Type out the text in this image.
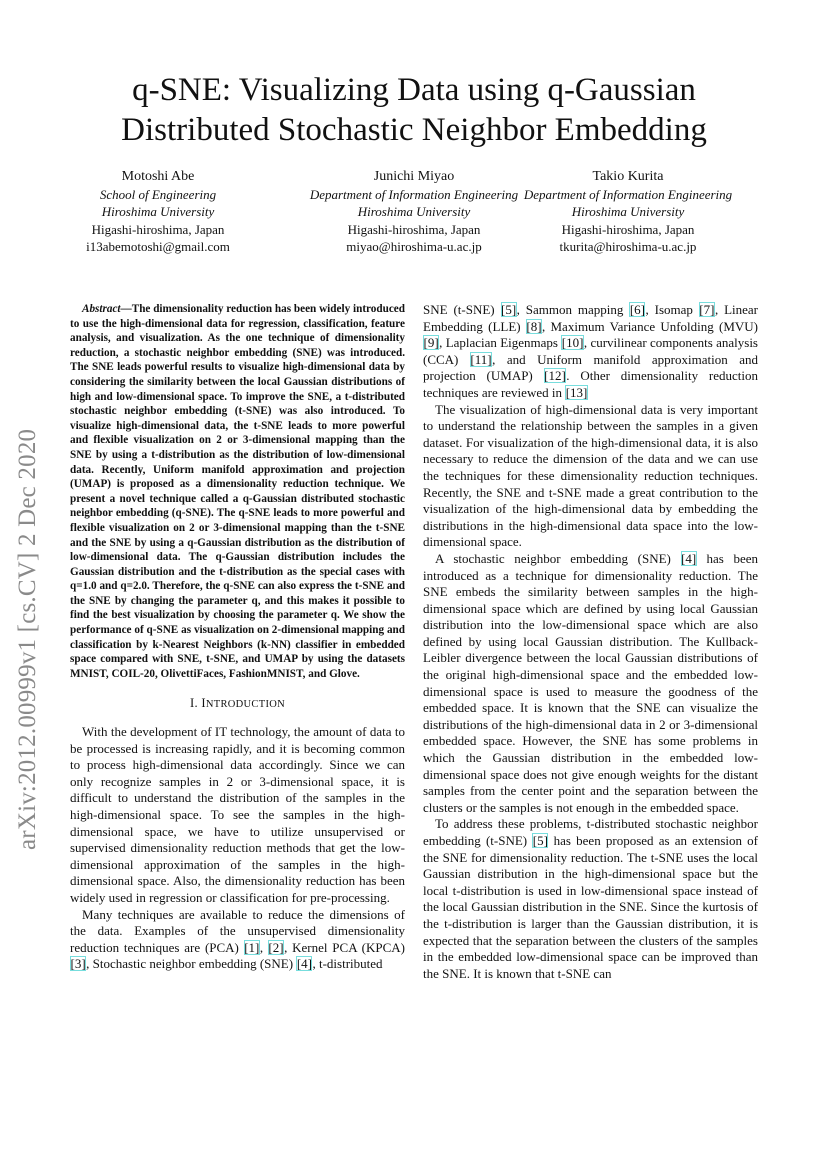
arXiv:2012.00999v1 [cs.CV] 2 Dec 2020
q-SNE: Visualizing Data using q-Gaussian
Distributed Stochastic Neighbor Embedding
Motoshi Abe
School of Engineering
Hiroshima University
Higashi-hiroshima, Japan
i13abemotoshi@gmail.com
Junichi Miyao
Department of Information Engineering
Hiroshima University
Higashi-hiroshima, Japan
miyao@hiroshima-u.ac.jp
Takio Kurita
Department of Information Engineering
Hiroshima University
Higashi-hiroshima, Japan
tkurita@hiroshima-u.ac.jp

Abstract—The dimensionality reduction has been widely introduced to use the high-dimensional data for regression, classification, feature analysis, and visualization. As the one technique of dimensionality reduction, a stochastic neighbor embedding (SNE) was introduced. The SNE leads powerful results to visualize high-dimensional data by considering the similarity between the local Gaussian distributions of high and low-dimensional space. To improve the SNE, a t-distributed stochastic neighbor embedding (t-SNE) was also introduced. To visualize high-dimensional data, the t-SNE leads to more powerful and flexible visualization on 2 or 3-dimensional mapping than the SNE by using a t-distribution as the distribution of low-dimensional data. Recently, Uniform manifold approximation and projection (UMAP) is proposed as a dimensionality reduction technique. We present a novel technique called a q-Gaussian distributed stochastic neighbor embedding (q-SNE). The q-SNE leads to more powerful and flexible visualization on 2 or 3-dimensional mapping than the t-SNE and the SNE by using a q-Gaussian distribution as the distribution of low-dimensional data. The q-Gaussian distribution includes the Gaussian distribution and the t-distribution as the special cases with q=1.0 and q=2.0. Therefore, the q-SNE can also express the t-SNE and the SNE by changing the parameter q, and this makes it possible to find the best visualization by choosing the parameter q. We show the performance of q-SNE as visualization on 2-dimensional mapping and classification by k-Nearest Neighbors (k-NN) classifier in embedded space compared with SNE, t-SNE, and UMAP by using the datasets MNIST, COIL-20, OlivettiFaces, FashionMNIST, and Glove.

I. INTRODUCTION

With the development of IT technology, the amount of data to be processed is increasing rapidly, and it is becoming common to process high-dimensional data accordingly. Since we can only recognize samples in 2 or 3-dimensional space, it is difficult to understand the distribution of the samples in the high-dimensional space. To see the samples in the high-dimensional space, we have to utilize unsupervised or supervised dimensionality reduction methods that get the low-dimensional approximation of the samples in the high-dimensional space. Also, the dimensionality reduction has been widely used in regression or classification for pre-processing.

Many techniques are available to reduce the dimensions of the data. Examples of the unsupervised dimensionality reduction techniques are (PCA) [1], [2], Kernel PCA (KPCA) [3], Stochastic neighbor embedding (SNE) [4], t-distributed

SNE (t-SNE) [5], Sammon mapping [6], Isomap [7], Linear Embedding (LLE) [8], Maximum Variance Unfolding (MVU) [9], Laplacian Eigenmaps [10], curvilinear components analysis (CCA) [11], and Uniform manifold approximation and projection (UMAP) [12]. Other dimensionality reduction techniques are reviewed in [13]

The visualization of high-dimensional data is very important to understand the relationship between the samples in a given dataset. For visualization of the high-dimensional data, it is also necessary to reduce the dimension of the data and we can use the techniques for these dimensionality reduction techniques. Recently, the SNE and t-SNE made a great contribution to the visualization of the high-dimensional data by embedding the distributions in the high-dimensional data space into the low-dimensional space.

A stochastic neighbor embedding (SNE) [4] has been introduced as a technique for dimensionality reduction. The SNE embeds the similarity between samples in the high-dimensional space which are defined by using local Gaussian distribution into the low-dimensional space which are also defined by using local Gaussian distribution. The Kullback-Leibler divergence between the local Gaussian distributions of the original high-dimensional space and the embedded low-dimensional space is used to measure the goodness of the embedded space. It is known that the SNE can visualize the distributions of the high-dimensional data in 2 or 3-dimensional embedded space. However, the SNE has some problems in which the Gaussian distribution in the embedded low-dimensional space does not give enough weights for the distant samples from the center point and the separation between the clusters or the samples is not enough in the embedded space.

To address these problems, t-distributed stochastic neighbor embedding (t-SNE) [5] has been proposed as an extension of the SNE for dimensionality reduction. The t-SNE uses the local Gaussian distribution in the high-dimensional space but the local t-distribution is used in low-dimensional space instead of the local Gaussian distribution in the SNE. Since the kurtosis of the t-distribution is larger than the Gaussian distribution, it is expected that the separation between the clusters of the samples in the embedded low-dimensional space can be improved than the SNE. It is known that t-SNE can
